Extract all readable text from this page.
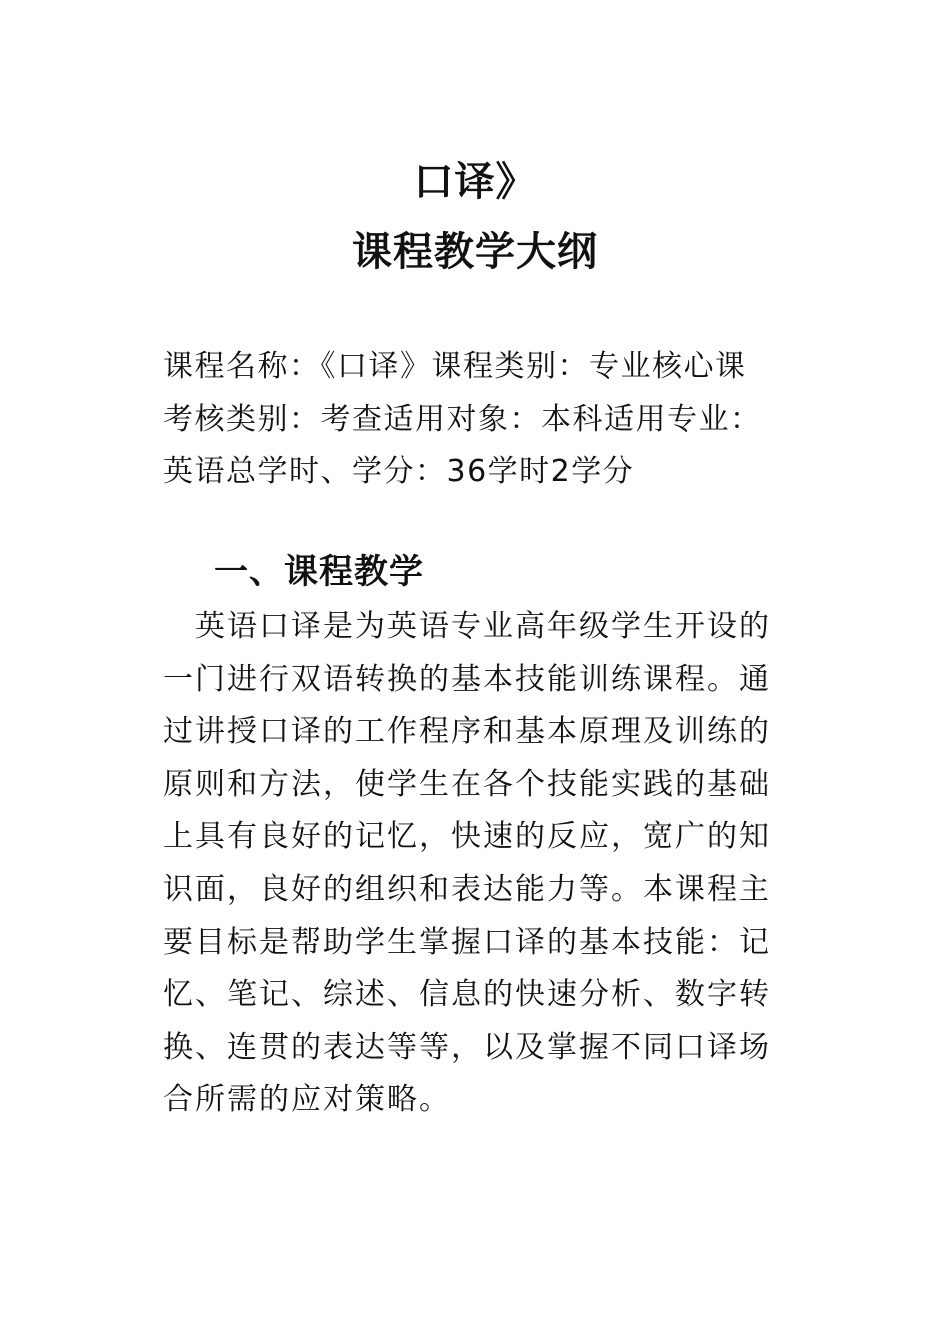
口译》
课程教学大纲
课程名称：《口译》课程类别：专业核心课
考核类别：考查适用对象：本科适用专业：
英语总学时、学分：36学时2学分
一、课程教学
　英语口译是为英语专业高年级学生开设的
一门进行双语转换的基本技能训练课程。通
过讲授口译的工作程序和基本原理及训练的
原则和方法，使学生在各个技能实践的基础
上具有良好的记忆，快速的反应，宽广的知
识面，良好的组织和表达能力等。本课程主
要目标是帮助学生掌握口译的基本技能：记
忆、笔记、综述、信息的快速分析、数字转
换、连贯的表达等等，以及掌握不同口译场
合所需的应对策略。
